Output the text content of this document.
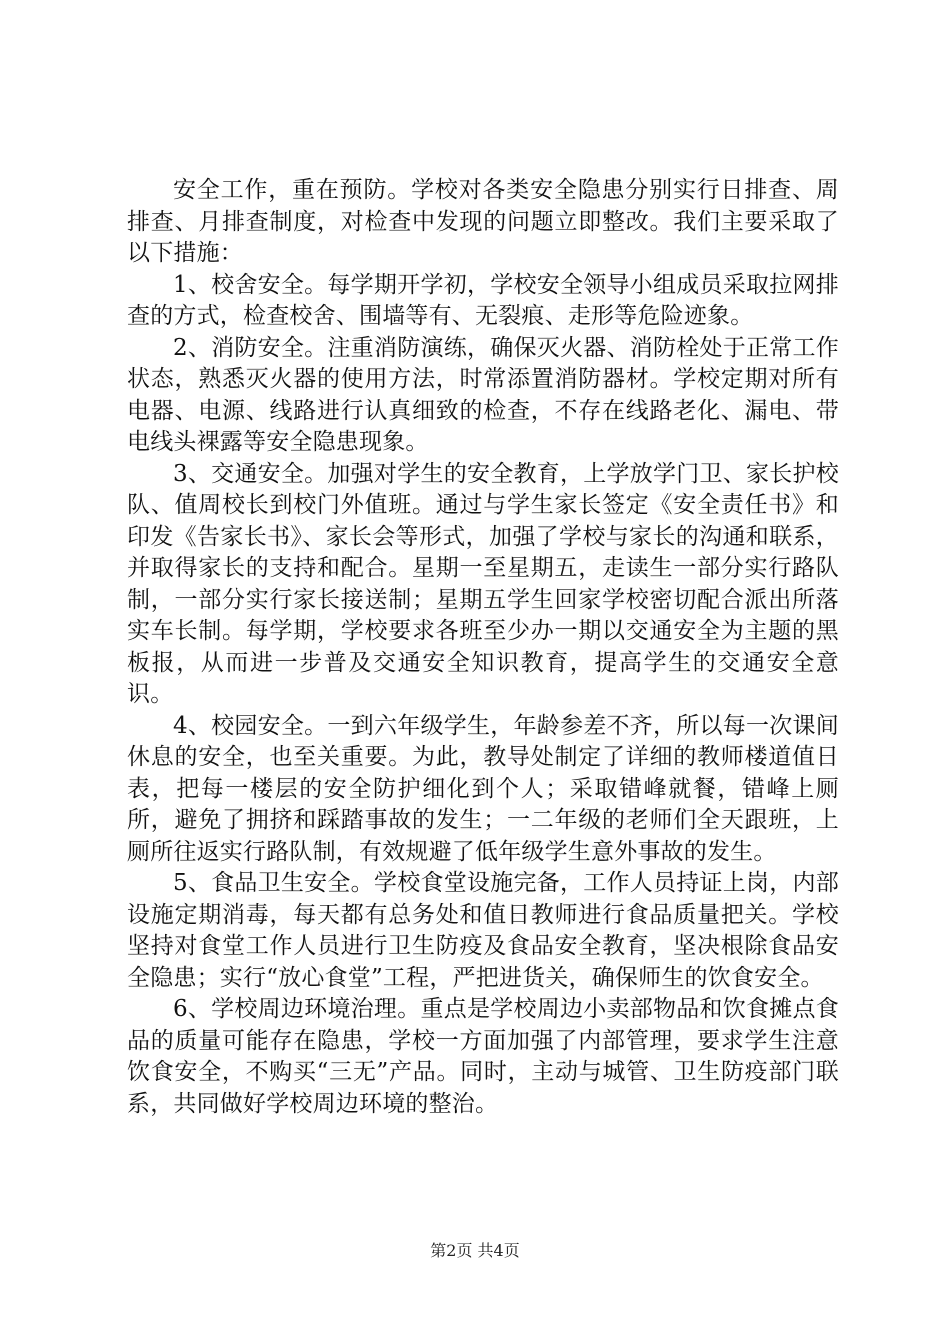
安全工作，重在预防。学校对各类安全隐患分别实行日排查、周排查、月排查制度，对检查中发现的问题立即整改。我们主要采取了以下措施：

1、校舍安全。每学期开学初，学校安全领导小组成员采取拉网排查的方式，检查校舍、围墙等有、无裂痕、走形等危险迹象。

2、消防安全。注重消防演练，确保灭火器、消防栓处于正常工作状态，熟悉灭火器的使用方法，时常添置消防器材。学校定期对所有电器、电源、线路进行认真细致的检查，不存在线路老化、漏电、带电线头裸露等安全隐患现象。

3、交通安全。加强对学生的安全教育，上学放学门卫、家长护校队、值周校长到校门外值班。通过与学生家长签定《安全责任书》和印发《告家长书》、家长会等形式，加强了学校与家长的沟通和联系，并取得家长的支持和配合。星期一至星期五，走读生一部分实行路队制，一部分实行家长接送制；星期五学生回家学校密切配合派出所落实车长制。每学期，学校要求各班至少办一期以交通安全为主题的黑板报，从而进一步普及交通安全知识教育，提高学生的交通安全意识。

4、校园安全。一到六年级学生，年龄参差不齐，所以每一次课间休息的安全，也至关重要。为此，教导处制定了详细的教师楼道值日表，把每一楼层的安全防护细化到个人；采取错峰就餐，错峰上厕所，避免了拥挤和踩踏事故的发生；一二年级的老师们全天跟班，上厕所往返实行路队制，有效规避了低年级学生意外事故的发生。

5、食品卫生安全。学校食堂设施完备，工作人员持证上岗，内部设施定期消毒，每天都有总务处和值日教师进行食品质量把关。学校坚持对食堂工作人员进行卫生防疫及食品安全教育，坚决根除食品安全隐患；实行“放心食堂”工程，严把进货关，确保师生的饮食安全。

6、学校周边环境治理。重点是学校周边小卖部物品和饮食摊点食品的质量可能存在隐患，学校一方面加强了内部管理，要求学生注意饮食安全，不购买“三无”产品。同时，主动与城管、卫生防疫部门联系，共同做好学校周边环境的整治。

第2页 共4页
